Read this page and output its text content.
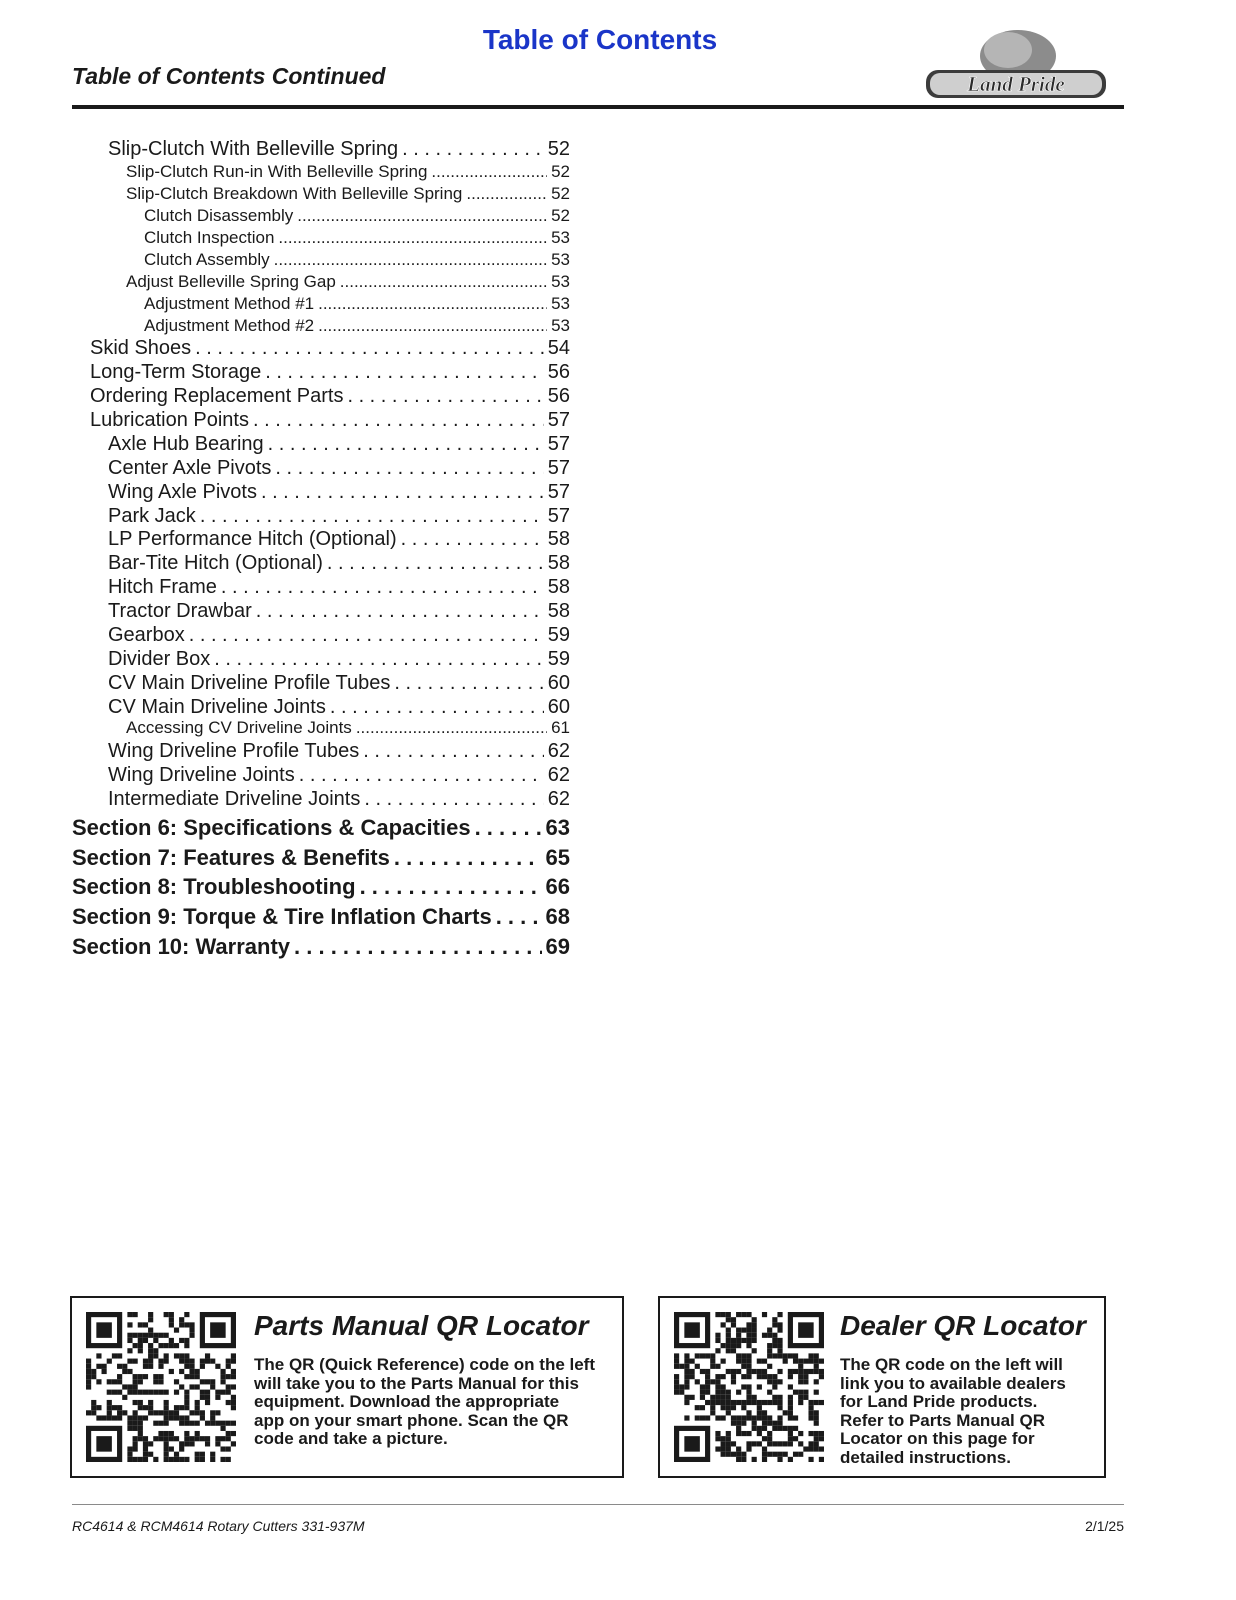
Table of Contents
Table of Contents Continued	Land Pride
Slip-Clutch With Belleville Spring . . .	52
Slip-Clutch Run-in With Belleville Spring .....	52
Slip-Clutch Breakdown With Belleville Spring .....	52
Clutch Disassembly .....	52
Clutch Inspection .....	53
Clutch Assembly .....	53
Adjust Belleville Spring Gap .....	53
Adjustment Method #1 .....	53
Adjustment Method #2 .....	53
Skid Shoes . . .	54
Long-Term Storage . . .	56
Ordering Replacement Parts . . .	56
Lubrication Points . . .	57
Axle Hub Bearing . . .	57
Center Axle Pivots . . .	57
Wing Axle Pivots . . .	57
Park Jack . . .	57
LP Performance Hitch (Optional) . . .	58
Bar-Tite Hitch (Optional) . . .	58
Hitch Frame . . .	58
Tractor Drawbar . . .	58
Gearbox . . .	59
Divider Box . . .	59
CV Main Driveline Profile Tubes . . .	60
CV Main Driveline Joints . . .	60
Accessing CV Driveline Joints .....	61
Wing Driveline Profile Tubes . . .	62
Wing Driveline Joints . . .	62
Intermediate Driveline Joints . . .	62
Section 6: Specifications & Capacities . . .	63
Section 7: Features & Benefits . . .	65
Section 8: Troubleshooting . . .	66
Section 9: Torque & Tire Inflation Charts . . . 68
Section 10: Warranty . . .	69
Parts Manual QR Locator

The QR (Quick Reference) code on the left
will take you to the Parts Manual for this
equipment. Download the appropriate
app on your smart phone. Scan the QR
code and take a picture.

Dealer QR Locator

The QR code on the left will
link you to available dealers
for Land Pride products.
Refer to Parts Manual QR
Locator on this page for
detailed instructions.

RC4614 & RCM4614 Rotary Cutters 331-937M	2/1/25
